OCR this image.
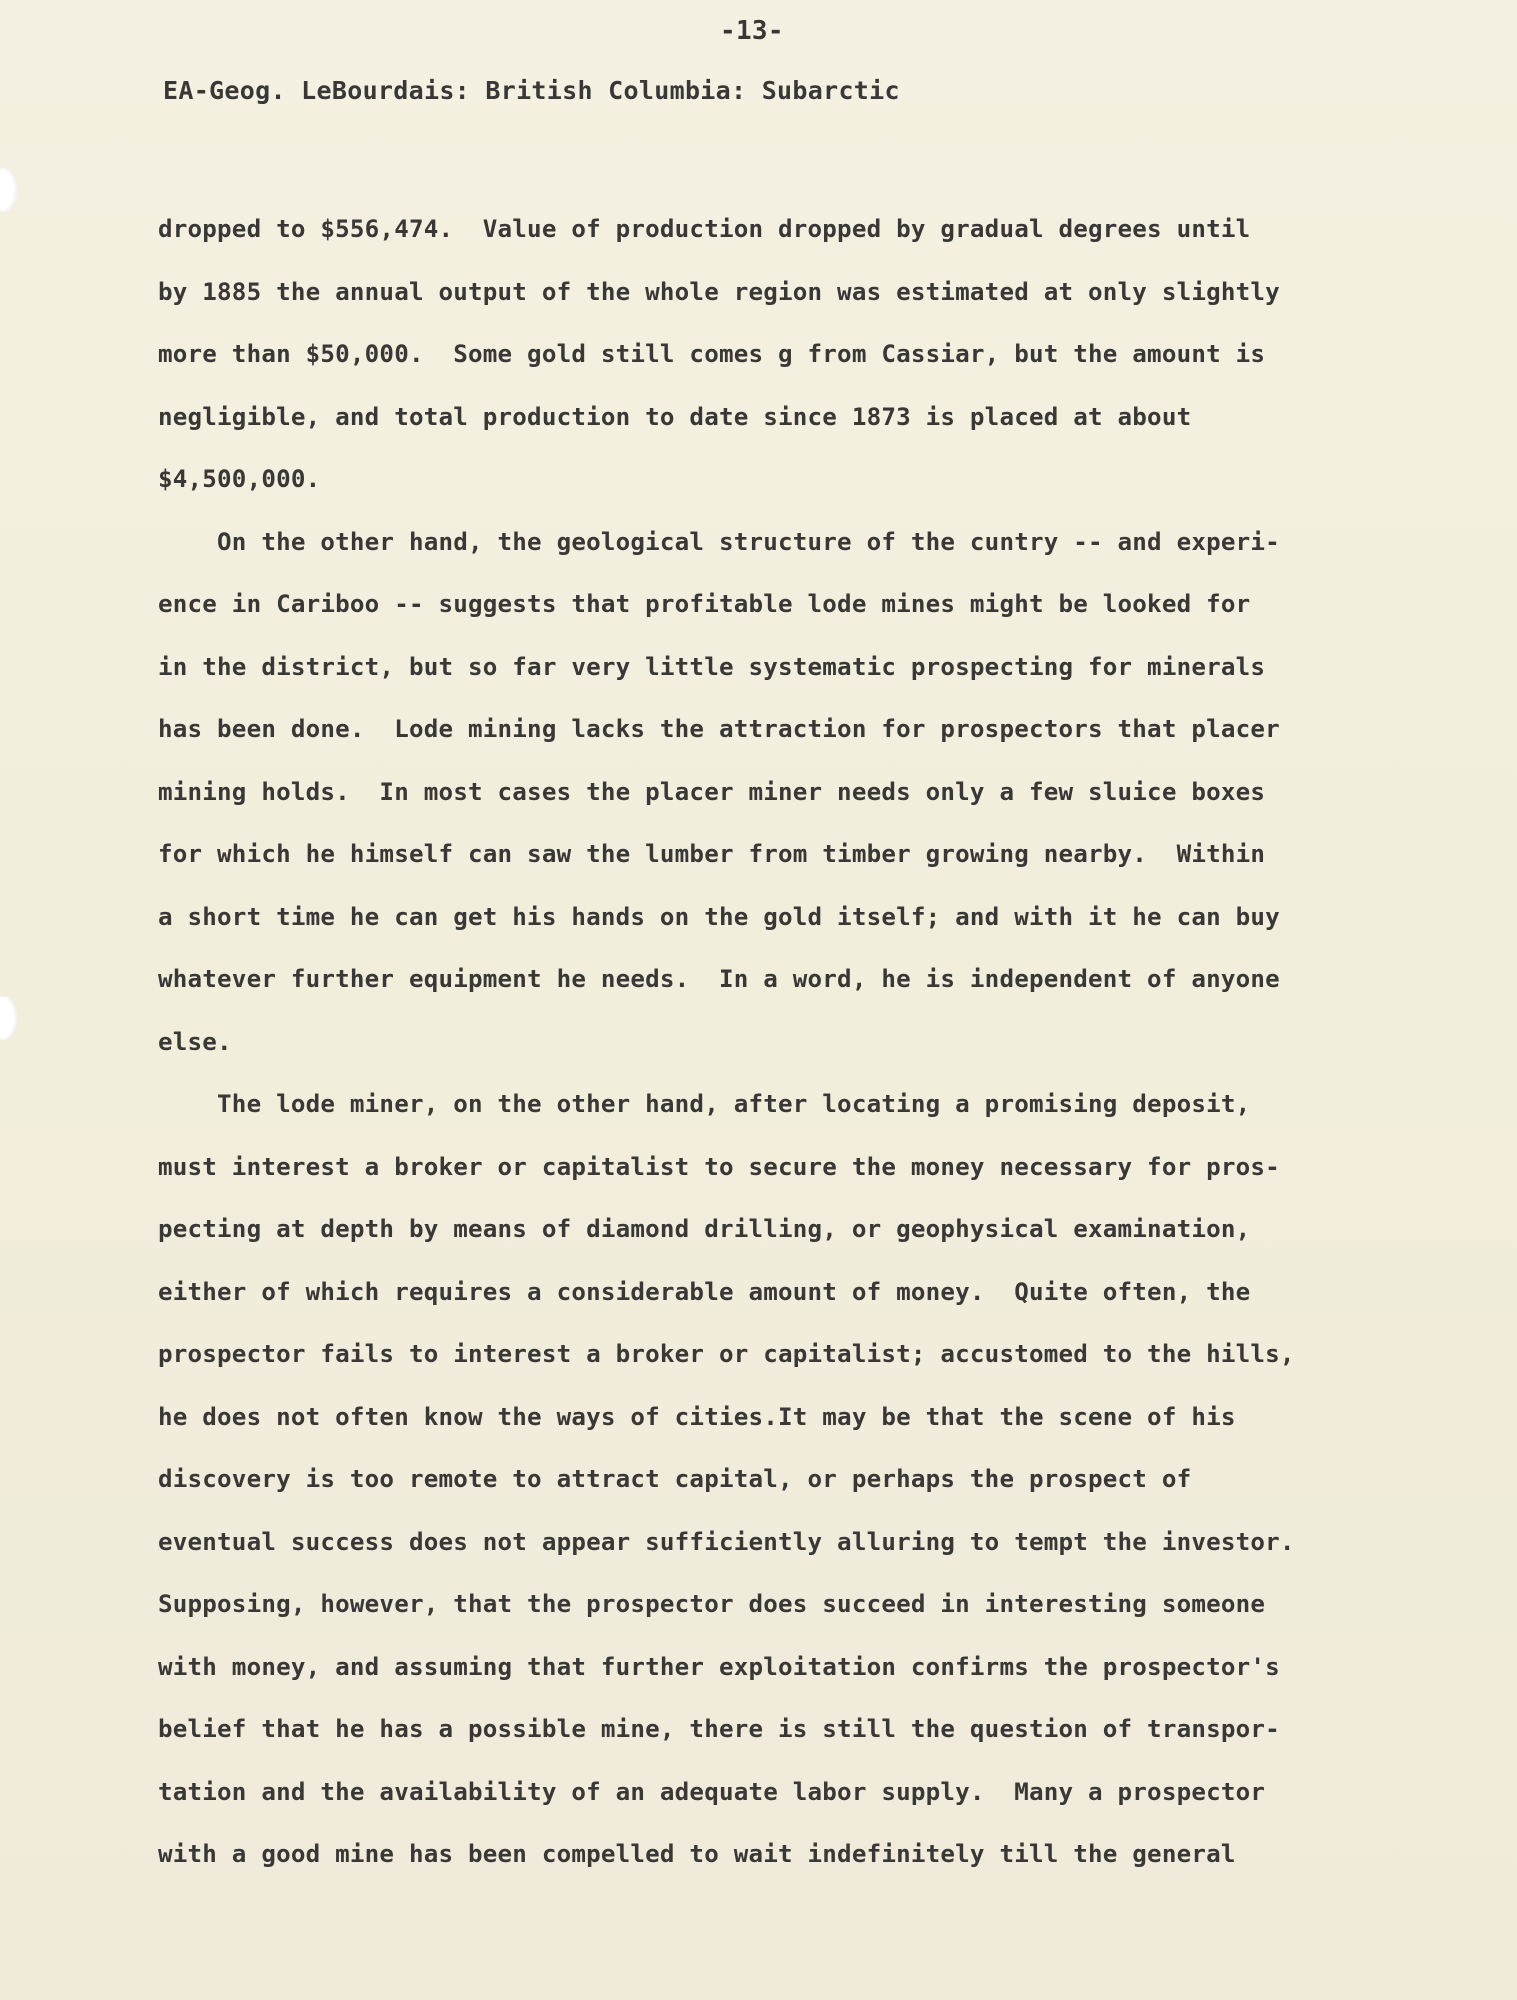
-13-
EA-Geog. LeBourdais: British Columbia: Subarctic
dropped to $556,474.  Value of production dropped by gradual degrees until
by 1885 the annual output of the whole region was estimated at only slightly
more than $50,000.  Some gold still comes g from Cassiar, but the amount is
negligible, and total production to date since 1873 is placed at about
$4,500,000.
On the other hand, the geological structure of the cuntry -- and experi-
ence in Cariboo -- suggests that profitable lode mines might be looked for
in the district, but so far very little systematic prospecting for minerals
has been done.  Lode mining lacks the attraction for prospectors that placer
mining holds.  In most cases the placer miner needs only a few sluice boxes
for which he himself can saw the lumber from timber growing nearby.  Within
a short time he can get his hands on the gold itself; and with it he can buy
whatever further equipment he needs.  In a word, he is independent of anyone
else.
The lode miner, on the other hand, after locating a promising deposit,
must interest a broker or capitalist to secure the money necessary for pros-
pecting at depth by means of diamond drilling, or geophysical examination,
either of which requires a considerable amount of money.  Quite often, the
prospector fails to interest a broker or capitalist; accustomed to the hills,
he does not often know the ways of cities.It may be that the scene of his
discovery is too remote to attract capital, or perhaps the prospect of
eventual success does not appear sufficiently alluring to tempt the investor.
Supposing, however, that the prospector does succeed in interesting someone
with money, and assuming that further exploitation confirms the prospector's
belief that he has a possible mine, there is still the question of transpor-
tation and the availability of an adequate labor supply.  Many a prospector
with a good mine has been compelled to wait indefinitely till the general
